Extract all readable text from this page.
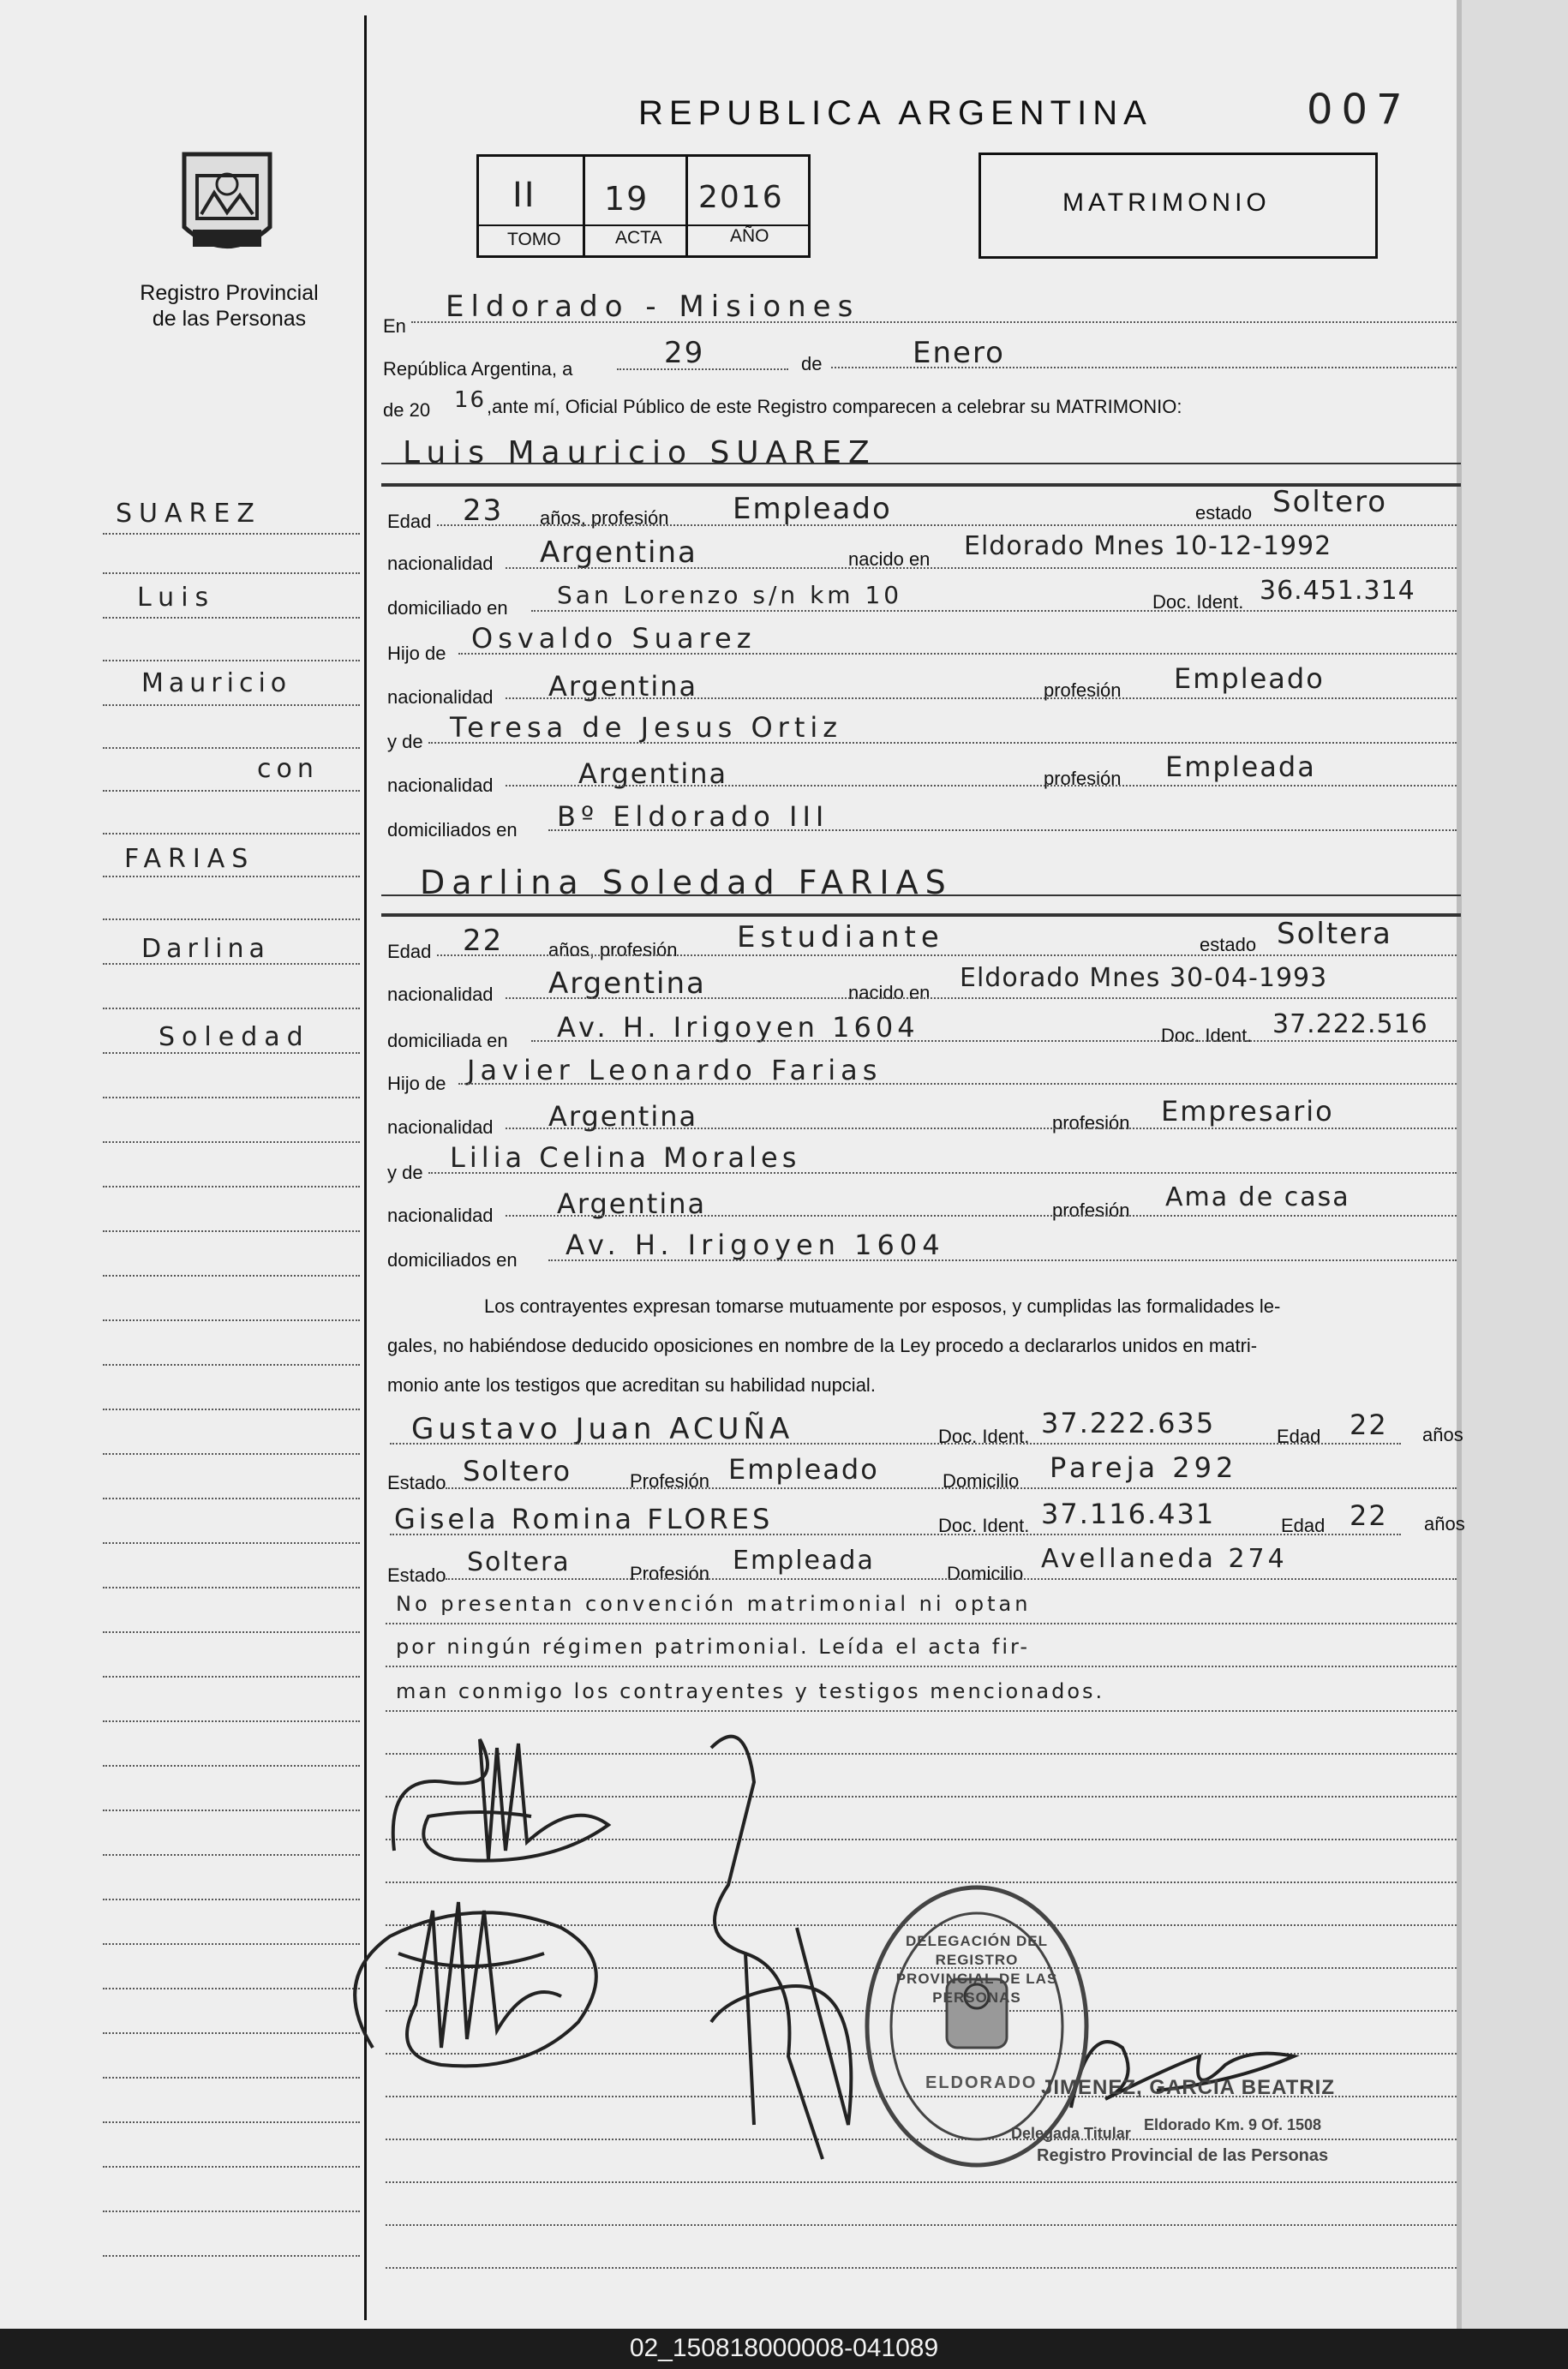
REPUBLICA ARGENTINA	007
II 19 2016
TOMO	ACTA	AÑO
MATRIMONIO
Registro Provincial
de las Personas
SUAREZ
Luis
Mauricio
con
FARIAS
Darlina
Soledad
En
Eldorado - Misiones
República Argentina, a	29	de	Enero
de 20 16 ,ante mí, Oficial Público de este Registro comparecen a celebrar su MATRIMONIO:
Luis Mauricio SUAREZ
Edad 23 años, profesión Empleado	estado Soltero
nacionalidad Argentina	nacido en Eldorado Mnes 10-12-1992
domiciliado en San Lorenzo s/n km 10	Doc. Ident. 36.451.314
Hijo de Osvaldo Suarez
nacionalidad Argentina	profesión Empleado
y de Teresa de Jesus Ortiz
nacionalidad	Argentina	profesión Empleada
domiciliados en Bº Eldorado III
Darlina Soledad FARIAS
Edad 22 años, profesión Estudiante	estado Soltera
nacionalidad Argentina	nacido en Eldorado Mnes 30-04-1993
domiciliada en Av. H. Irigoyen 1604	Doc. Ident. 37.222.516
Hijo de Javier Leonardo Farias
nacionalidad Argentina	profesión Empresario
y de Lilia Celina Morales
nacionalidad Argentina	profesión Ama de casa
domiciliados en Av. H. Irigoyen 1604
Los contrayentes expresan tomarse mutuamente por esposos, y cumplidas las formalidades le-
gales, no habiéndose deducido oposiciones en nombre de la Ley procedo a declararlos unidos en matri-
monio ante los testigos que acreditan su habilidad nupcial.
Gustavo Juan ACUÑA	Doc. Ident. 37.222.635	Edad 22 años
Estado Soltero	Profesión Empleado	Domicilio Pareja 292
Gisela Romina FLORES	Doc. Ident. 37.116.431	Edad 22 años
Estado Soltera	Profesión Empleada	Domicilio Avellaneda 274
No presentan convención matrimonial ni optan
por ningún régimen patrimonial. Leída el acta fir-
man conmigo los contrayentes y testigos mencionados.
DELEGACIÓN DEL REGISTRO PROVINCIAL DE LAS PERSONAS
ELDORADO JIMENEZ, GARCIA BEATRIZ
Delegada Titular Eldorado Km. 9 Of. 1508
Registro Provincial de las Personas
02_150818000008-041089
